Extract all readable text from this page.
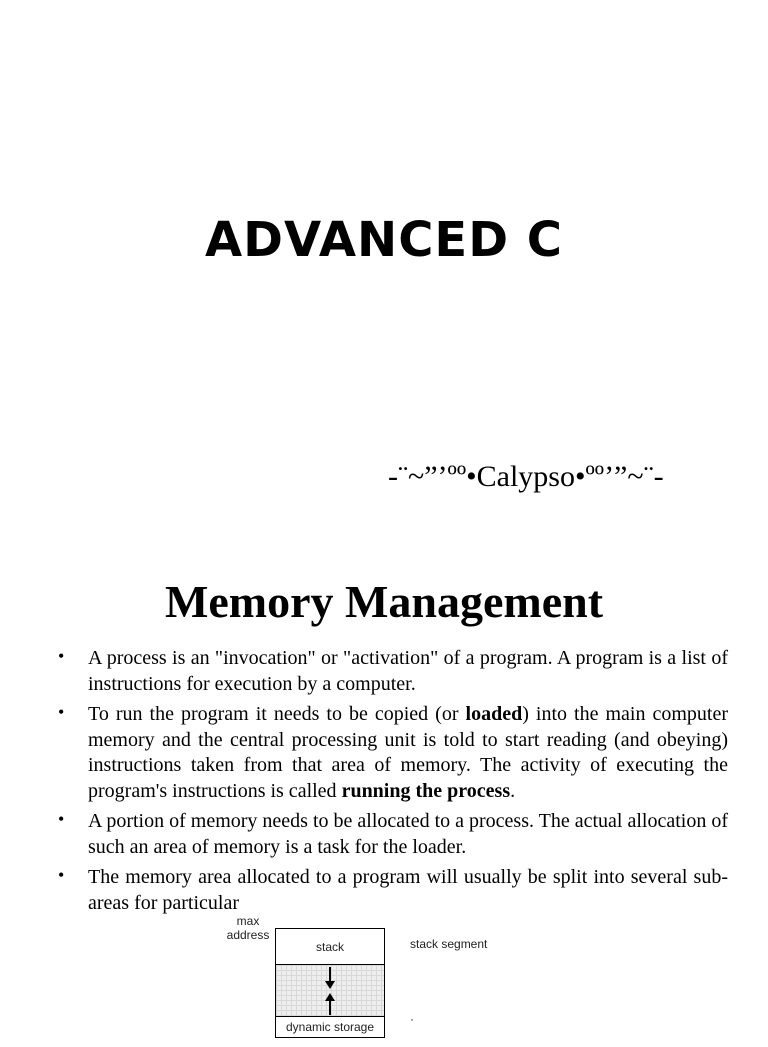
ADVANCED C
-¨~”’ºº•Calypso•ºº’”~¨-
Memory Management
• A process is an "invocation" or "activation" of a program. A program is a list of instructions for execution by a computer.
• To run the program it needs to be copied (or loaded) into the main computer memory and the central processing unit is told to start reading (and obeying) instructions taken from that area of memory. The activity of executing the program's instructions is called running the process.
• A portion of memory needs to be allocated to a process. The actual allocation of such an area of memory is a task for the loader.
• The memory area allocated to a program will usually be split into several sub-areas for particular
max
address
stack
dynamic storage
stack segment
·
